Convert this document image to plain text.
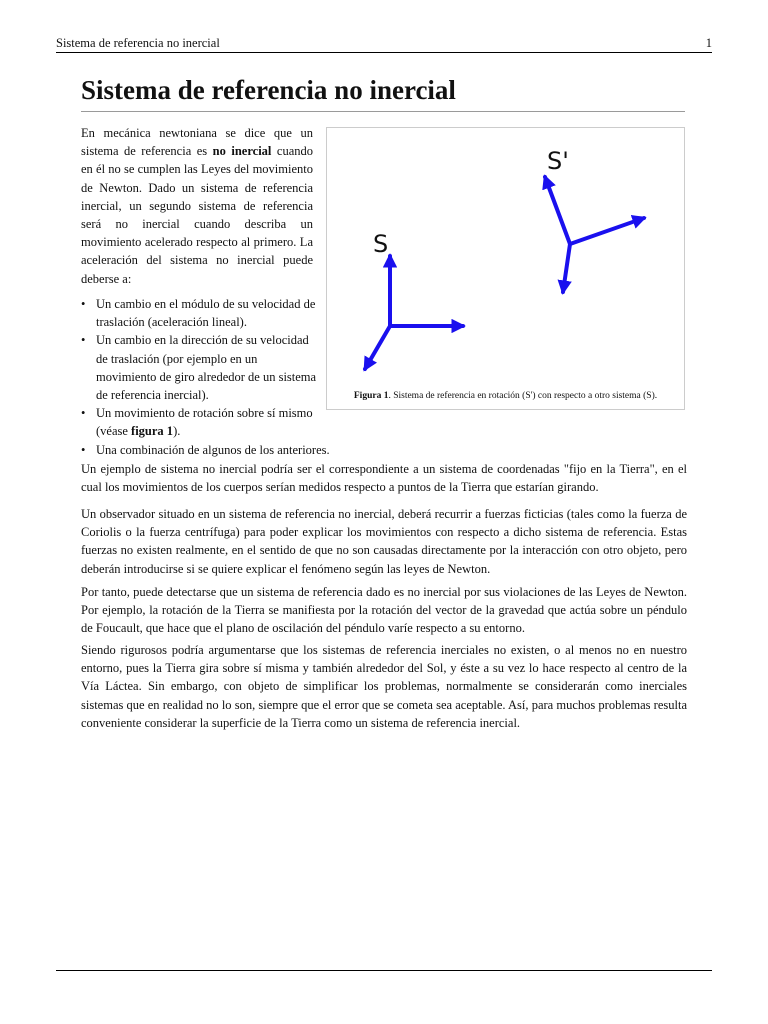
Sistema de referencia no inercial	1
Sistema de referencia no inercial

En mecánica newtoniana se dice que un sistema de referencia es no inercial cuando en él no se cumplen las Leyes del movimiento de Newton. Dado un sistema de referencia inercial, un segundo sistema de referencia será no inercial cuando describa un movimiento acelerado respecto al primero. La aceleración del sistema no inercial puede deberse a:

• Un cambio en el módulo de su velocidad de traslación (aceleración lineal).
• Un cambio en la dirección de su velocidad de traslación (por ejemplo en un movimiento de giro alrededor de un sistema de referencia inercial).
• Un movimiento de rotación sobre sí mismo (véase figura 1).
• Una combinación de algunos de los anteriores.
S
S'
Figura 1. Sistema de referencia en rotación (S') con respecto a otro sistema (S).

Un ejemplo de sistema no inercial podría ser el correspondiente a un sistema de coordenadas "fijo en la Tierra", en el cual los movimientos de los cuerpos serían medidos respecto a puntos de la Tierra que estarían girando.

Un observador situado en un sistema de referencia no inercial, deberá recurrir a fuerzas ficticias (tales como la fuerza de Coriolis o la fuerza centrífuga) para poder explicar los movimientos con respecto a dicho sistema de referencia. Estas fuerzas no existen realmente, en el sentido de que no son causadas directamente por la interacción con otro objeto, pero deberán introducirse si se quiere explicar el fenómeno según las leyes de Newton.

Por tanto, puede detectarse que un sistema de referencia dado es no inercial por sus violaciones de las Leyes de Newton. Por ejemplo, la rotación de la Tierra se manifiesta por la rotación del vector de la gravedad que actúa sobre un péndulo de Foucault, que hace que el plano de oscilación del péndulo varíe respecto a su entorno.

Siendo rigurosos podría argumentarse que los sistemas de referencia inerciales no existen, o al menos no en nuestro entorno, pues la Tierra gira sobre sí misma y también alrededor del Sol, y éste a su vez lo hace respecto al centro de la Vía Láctea. Sin embargo, con objeto de simplificar los problemas, normalmente se considerarán como inerciales sistemas que en realidad no lo son, siempre que el error que se cometa sea aceptable. Así, para muchos problemas resulta conveniente considerar la superficie de la Tierra como un sistema de referencia inercial.
